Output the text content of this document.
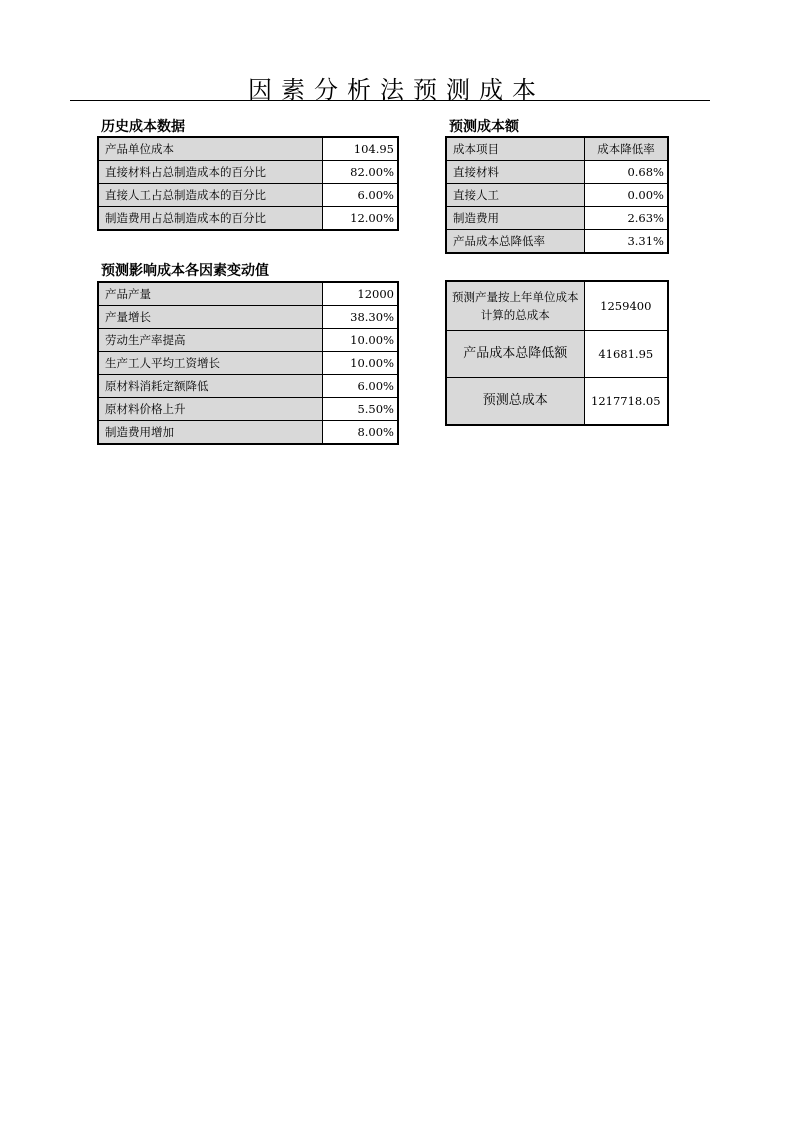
因素分析法预测成本
历史成本数据
产品单位成本	104.95
直接材料占总制造成本的百分比	82.00%
直接人工占总制造成本的百分比	6.00%
制造费用占总制造成本的百分比	12.00%
预测成本额
成本项目	成本降低率
直接材料	0.68%
直接人工	0.00%
制造费用	2.63%
产品成本总降低率	3.31%
预测影响成本各因素变动值
产品产量	12000
产量增长	38.30%
劳动生产率提高	10.00%
生产工人平均工资增长	10.00%
原材料消耗定额降低	6.00%
原材料价格上升	5.50%
制造费用增加	8.00%
预测产量按上年单位成本计算的总成本	1259400
产品成本总降低额	41681.95
预测总成本	1217718.05
